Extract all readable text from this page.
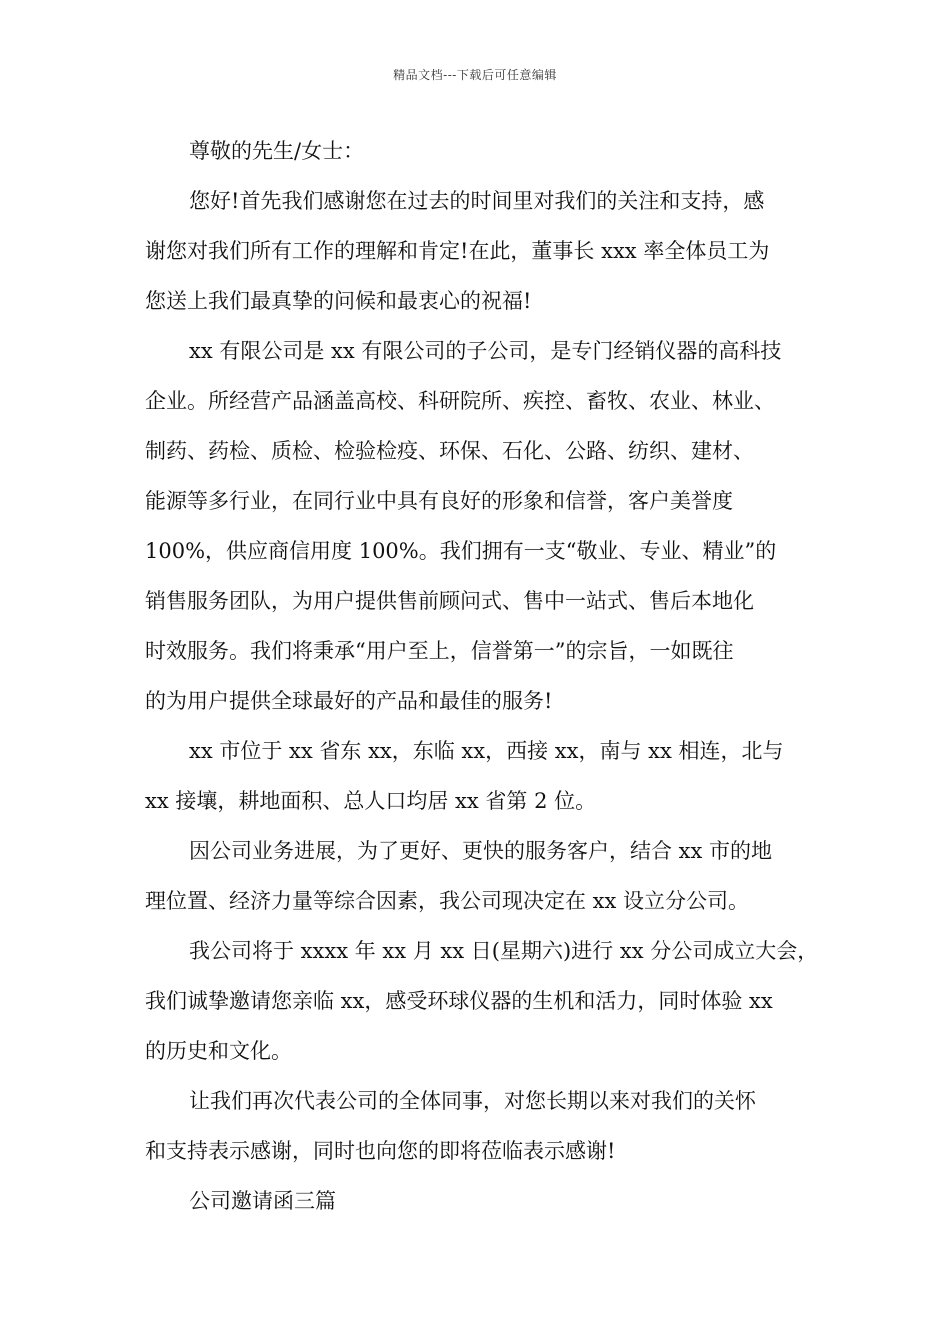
精品文档---下载后可任意编辑
尊敬的先生/女士：
您好!首先我们感谢您在过去的时间里对我们的关注和支持，感
谢您对我们所有工作的理解和肯定!在此，董事长 xxx 率全体员工为
您送上我们最真挚的问候和最衷心的祝福!
xx 有限公司是 xx 有限公司的子公司，是专门经销仪器的高科技
企业。所经营产品涵盖高校、科研院所、疾控、畜牧、农业、林业、
制药、药检、质检、检验检疫、环保、石化、公路、纺织、建材、
能源等多行业，在同行业中具有良好的形象和信誉，客户美誉度
100%，供应商信用度 100%。我们拥有一支“敬业、专业、精业”的
销售服务团队，为用户提供售前顾问式、售中一站式、售后本地化
时效服务。我们将秉承“用户至上，信誉第一”的宗旨，一如既往
的为用户提供全球最好的产品和最佳的服务!
xx 市位于 xx 省东 xx，东临 xx，西接 xx，南与 xx 相连，北与
xx 接壤，耕地面积、总人口均居 xx 省第 2 位。
因公司业务进展，为了更好、更快的服务客户，结合 xx 市的地
理位置、经济力量等综合因素，我公司现决定在 xx 设立分公司。
我公司将于 xxxx 年 xx 月 xx 日(星期六)进行 xx 分公司成立大会，
我们诚挚邀请您亲临 xx，感受环球仪器的生机和活力，同时体验 xx
的历史和文化。
让我们再次代表公司的全体同事，对您长期以来对我们的关怀
和支持表示感谢，同时也向您的即将莅临表示感谢!
公司邀请函三篇
